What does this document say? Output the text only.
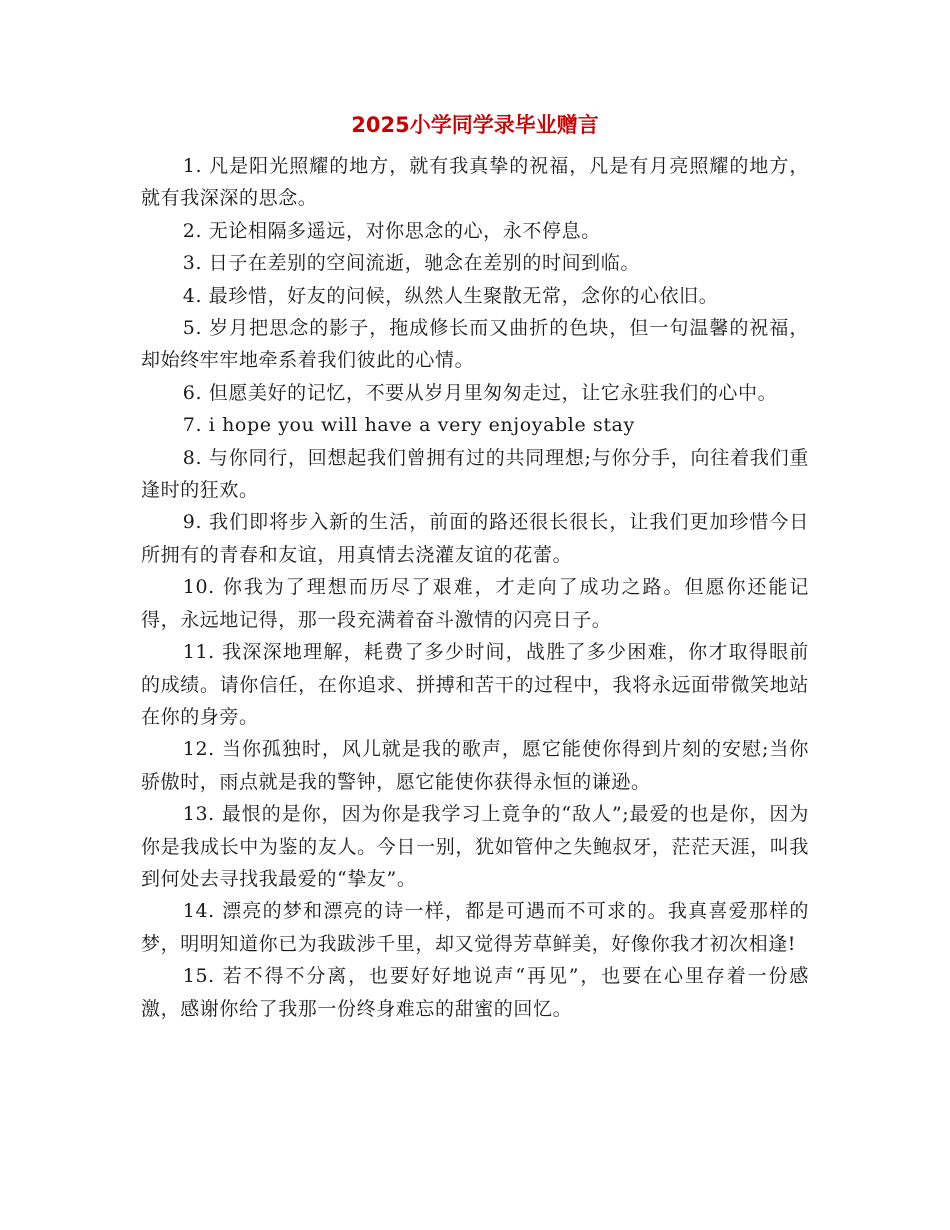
2025小学同学录毕业赠言

1. 凡是阳光照耀的地方，就有我真挚的祝福，凡是有月亮照耀的地方，就有我深深的思念。

2. 无论相隔多遥远，对你思念的心，永不停息。

3. 日子在差别的空间流逝，驰念在差别的时间到临。

4. 最珍惜，好友的问候，纵然人生聚散无常，念你的心依旧。

5. 岁月把思念的影子，拖成修长而又曲折的色块，但一句温馨的祝福，却始终牢牢地牵系着我们彼此的心情。

6. 但愿美好的记忆，不要从岁月里匆匆走过，让它永驻我们的心中。

7. i hope you will have a very enjoyable stay

8. 与你同行，回想起我们曾拥有过的共同理想;与你分手，向往着我们重逢时的狂欢。

9. 我们即将步入新的生活，前面的路还很长很长，让我们更加珍惜今日所拥有的青春和友谊，用真情去浇灌友谊的花蕾。

10. 你我为了理想而历尽了艰难，才走向了成功之路。但愿你还能记得，永远地记得，那一段充满着奋斗激情的闪亮日子。

11. 我深深地理解，耗费了多少时间，战胜了多少困难，你才取得眼前的成绩。请你信任，在你追求、拼搏和苦干的过程中，我将永远面带微笑地站在你的身旁。

12. 当你孤独时，风儿就是我的歌声，愿它能使你得到片刻的安慰;当你骄傲时，雨点就是我的警钟，愿它能使你获得永恒的谦逊。

13. 最恨的是你，因为你是我学习上竟争的“敌人”;最爱的也是你，因为你是我成长中为鉴的友人。今日一别，犹如管仲之失鲍叔牙，茫茫天涯，叫我到何处去寻找我最爱的“挚友”。

14. 漂亮的梦和漂亮的诗一样，都是可遇而不可求的。我真喜爱那样的梦，明明知道你已为我跋涉千里，却又觉得芳草鲜美，好像你我才初次相逢!

15. 若不得不分离，也要好好地说声“再见”，也要在心里存着一份感激，感谢你给了我那一份终身难忘的甜蜜的回忆。
